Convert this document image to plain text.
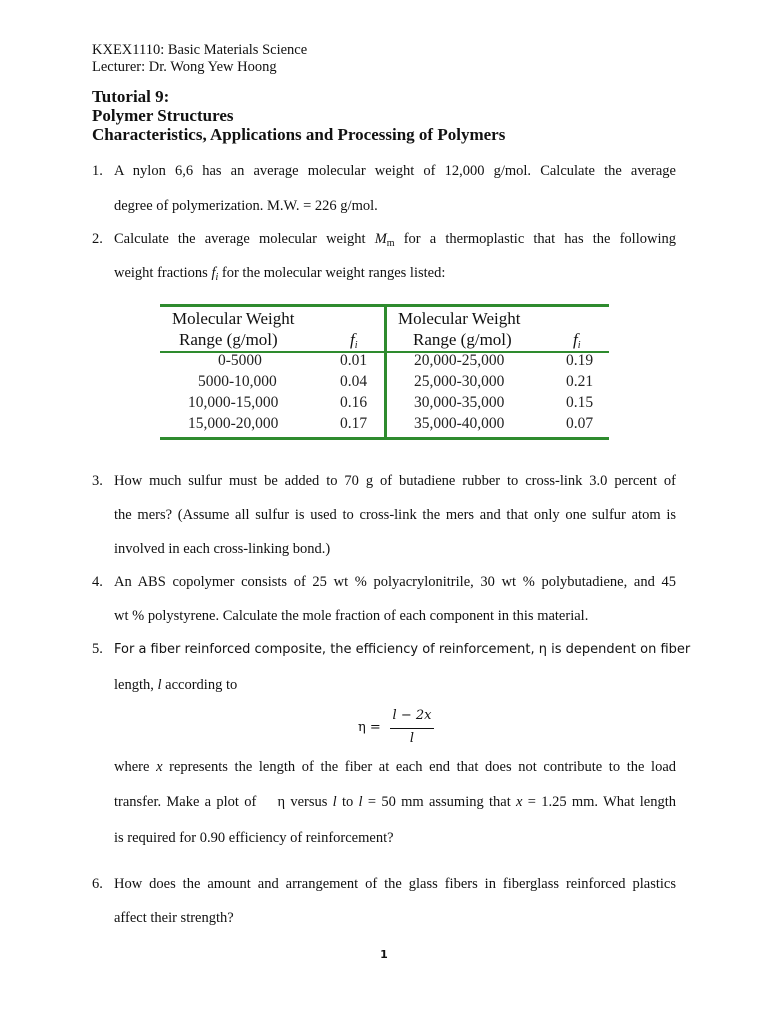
KXEX1110: Basic Materials Science
Lecturer: Dr. Wong Yew Hoong
Tutorial 9:
Polymer Structures
Characteristics, Applications and Processing of Polymers
1. A nylon 6,6 has an average molecular weight of 12,000 g/mol. Calculate the average
degree of polymerization. M.W. = 226 g/mol.
2. Calculate the average molecular weight $M_m$ for a thermoplastic that has the following
weight fractions $f_i$ for the molecular weight ranges listed:
Molecular Weight
Range (g/mol)	$f_i$
Molecular Weight
Range (g/mol)	$f_i$
0-5000	0.01	20,000-25,000	0.19
5000-10,000	0.04	25,000-30,000	0.21
10,000-15,000	0.16	30,000-35,000	0.15
15,000-20,000	0.17	35,000-40,000	0.07
3. How much sulfur must be added to 70 g of butadiene rubber to cross-link 3.0 percent of
the mers? (Assume all sulfur is used to cross-link the mers and that only one sulfur atom is
involved in each cross-linking bond.)
4. An ABS copolymer consists of 25 wt % polyacrylonitrile, 30 wt % polybutadiene, and 45
wt % polystyrene. Calculate the mole fraction of each component in this material.
5. For a fiber reinforced composite, the efficiency of reinforcement, η is dependent on fiber
length, l according to
where x represents the length of the fiber at each end that does not contribute to the load
transfer. Make a plot of    η versus l to l = 50 mm assuming that x = 1.25 mm. What length
is required for 0.90 efficiency of reinforcement?
η =
l − 2x
l
6. How does the amount and arrangement of the glass fibers in fiberglass reinforced plastics
affect their strength?
1
